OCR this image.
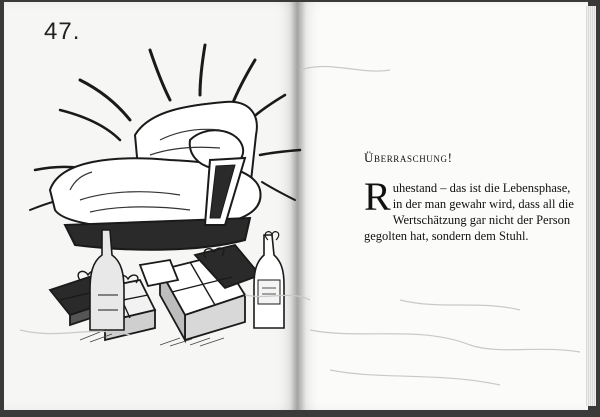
47.
Überraschung!
R uhestand – das ist die Lebensphase,
in der man gewahr wird, dass all die
Wertschätzung gar nicht der Person
gegolten hat, sondern dem Stuhl.
